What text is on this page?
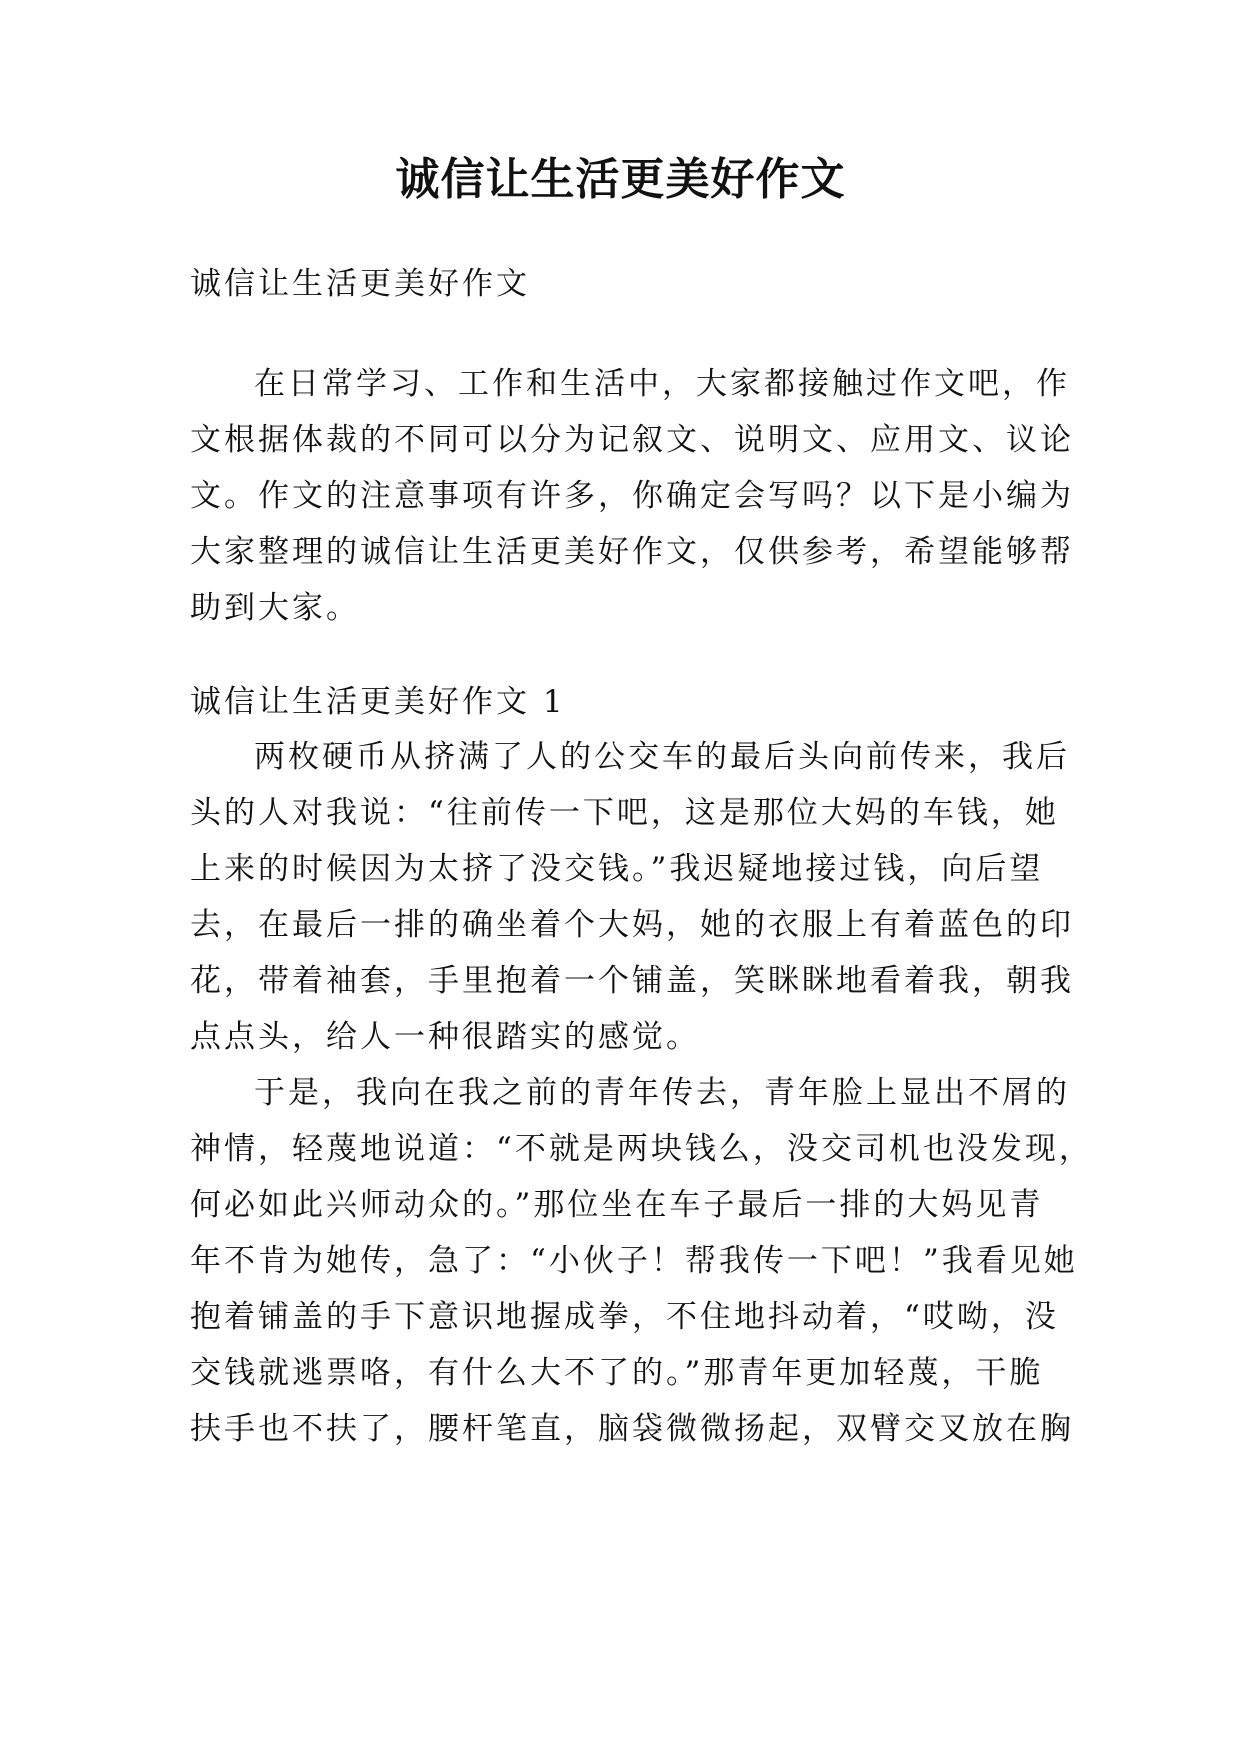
诚信让生活更美好作文
诚信让生活更美好作文
在日常学习、工作和生活中，大家都接触过作文吧，作
文根据体裁的不同可以分为记叙文、说明文、应用文、议论
文。作文的注意事项有许多，你确定会写吗？以下是小编为
大家整理的诚信让生活更美好作文，仅供参考，希望能够帮
助到大家。
诚信让生活更美好作文 1
两枚硬币从挤满了人的公交车的最后头向前传来，我后
头的人对我说：“往前传一下吧，这是那位大妈的车钱，她
上来的时候因为太挤了没交钱。”我迟疑地接过钱，向后望
去，在最后一排的确坐着个大妈，她的衣服上有着蓝色的印
花，带着袖套，手里抱着一个铺盖，笑眯眯地看着我，朝我
点点头，给人一种很踏实的感觉。
于是，我向在我之前的青年传去，青年脸上显出不屑的
神情，轻蔑地说道：“不就是两块钱么，没交司机也没发现，
何必如此兴师动众的。”那位坐在车子最后一排的大妈见青
年不肯为她传，急了：“小伙子！帮我传一下吧！”我看见她
抱着铺盖的手下意识地握成拳，不住地抖动着，“哎呦，没
交钱就逃票咯，有什么大不了的。”那青年更加轻蔑，干脆
扶手也不扶了，腰杆笔直，脑袋微微扬起，双臂交叉放在胸
